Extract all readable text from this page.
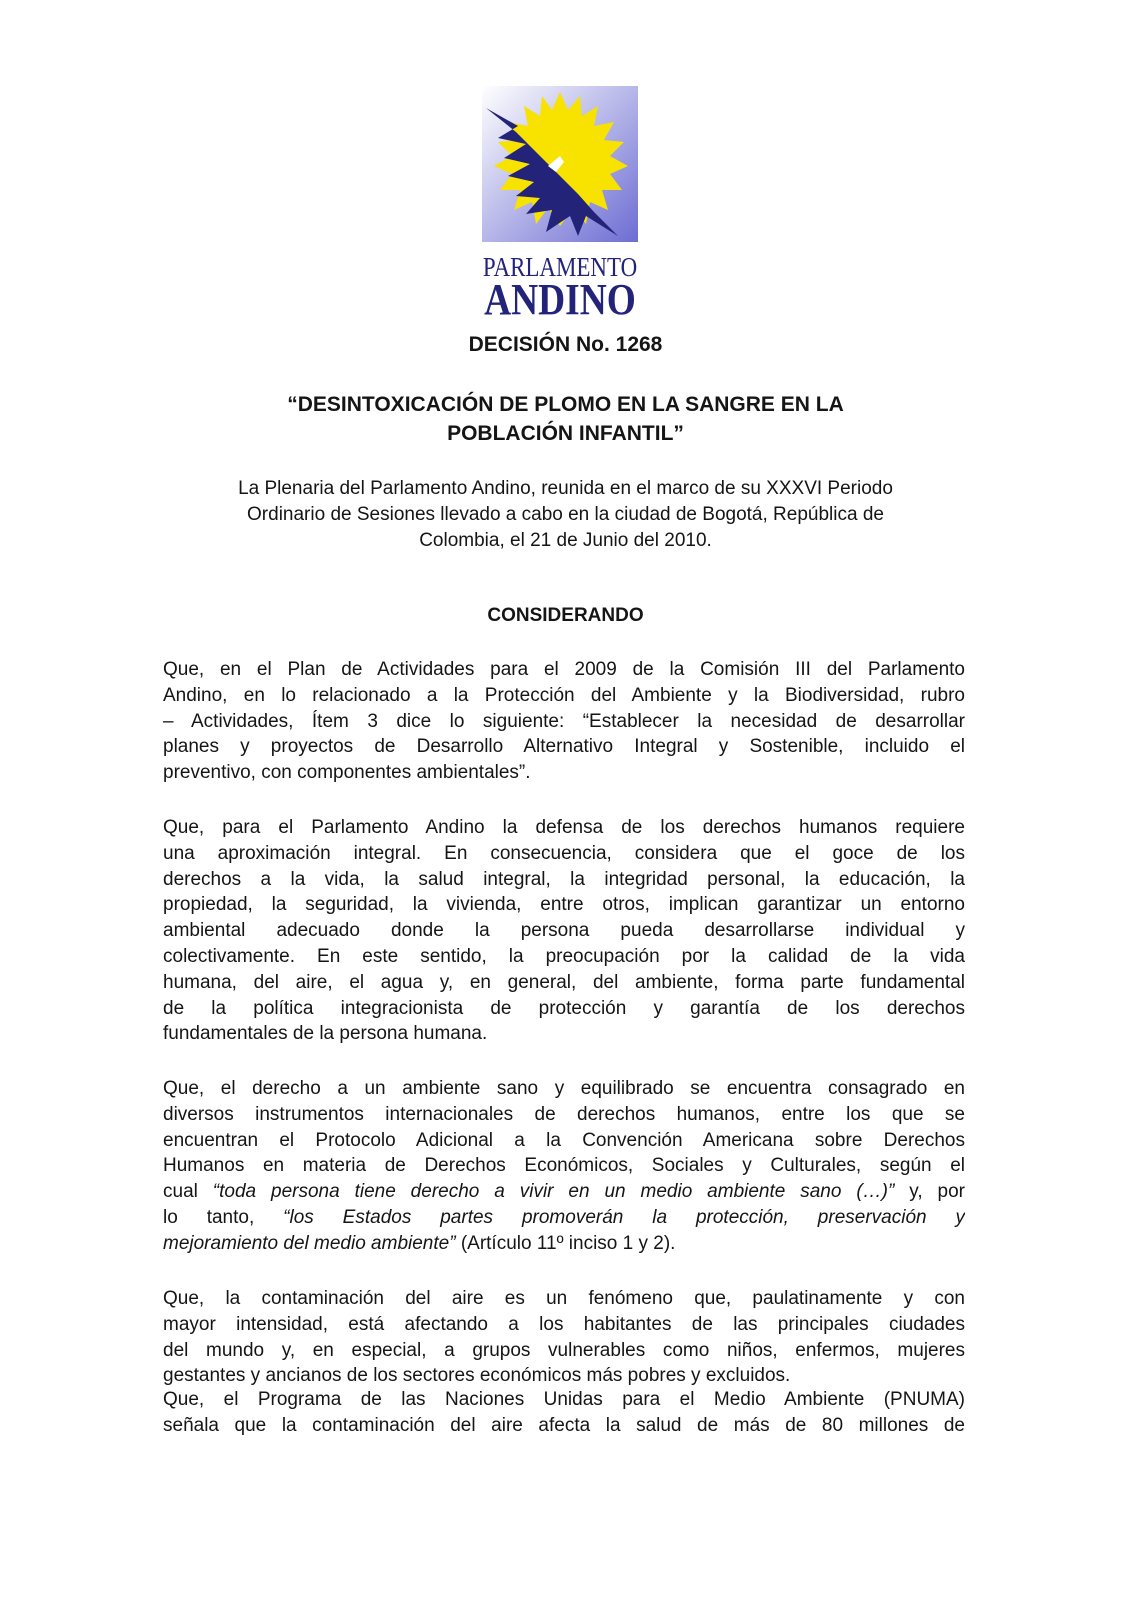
PARLAMENTO
ANDINO
DECISIÓN No. 1268
“DESINTOXICACIÓN DE PLOMO EN LA SANGRE EN LA
POBLACIÓN INFANTIL”
La Plenaria del Parlamento Andino, reunida en el marco de su XXXVI Periodo
Ordinario de Sesiones llevado a cabo en la ciudad de Bogotá, República de
Colombia, el 21 de Junio del 2010.
CONSIDERANDO
Que, en el Plan de Actividades para el 2009 de la Comisión III del Parlamento
Andino, en lo relacionado a la Protección del Ambiente y la Biodiversidad, rubro
– Actividades, Ítem 3 dice lo siguiente: “Establecer la necesidad de desarrollar
planes y proyectos de Desarrollo Alternativo Integral y Sostenible, incluido el
preventivo, con componentes ambientales”.
Que, para el Parlamento Andino la defensa de los derechos humanos requiere
una aproximación integral. En consecuencia, considera que el goce de los
derechos a la vida, la salud integral, la integridad personal, la educación, la
propiedad, la seguridad, la vivienda, entre otros, implican garantizar un entorno
ambiental adecuado donde la persona pueda desarrollarse individual y
colectivamente. En este sentido, la preocupación por la calidad de la vida
humana, del aire, el agua y, en general, del ambiente, forma parte fundamental
de la política integracionista de protección y garantía de los derechos
fundamentales de la persona humana.
Que, el derecho a un ambiente sano y equilibrado se encuentra consagrado en
diversos instrumentos internacionales de derechos humanos, entre los que se
encuentran el Protocolo Adicional a la Convención Americana sobre Derechos
Humanos en materia de Derechos Económicos, Sociales y Culturales, según el
cual “toda persona tiene derecho a vivir en un medio ambiente sano (…)” y, por
lo tanto, “los Estados partes promoverán la protección, preservación y
mejoramiento del medio ambiente” (Artículo 11º inciso 1 y 2).
Que, la contaminación del aire es un fenómeno que, paulatinamente y con
mayor intensidad, está afectando a los habitantes de las principales ciudades
del mundo y, en especial, a grupos vulnerables como niños, enfermos, mujeres
gestantes y ancianos de los sectores económicos más pobres y excluidos.
Que, el Programa de las Naciones Unidas para el Medio Ambiente (PNUMA)
señala que la contaminación del aire afecta la salud de más de 80 millones de
